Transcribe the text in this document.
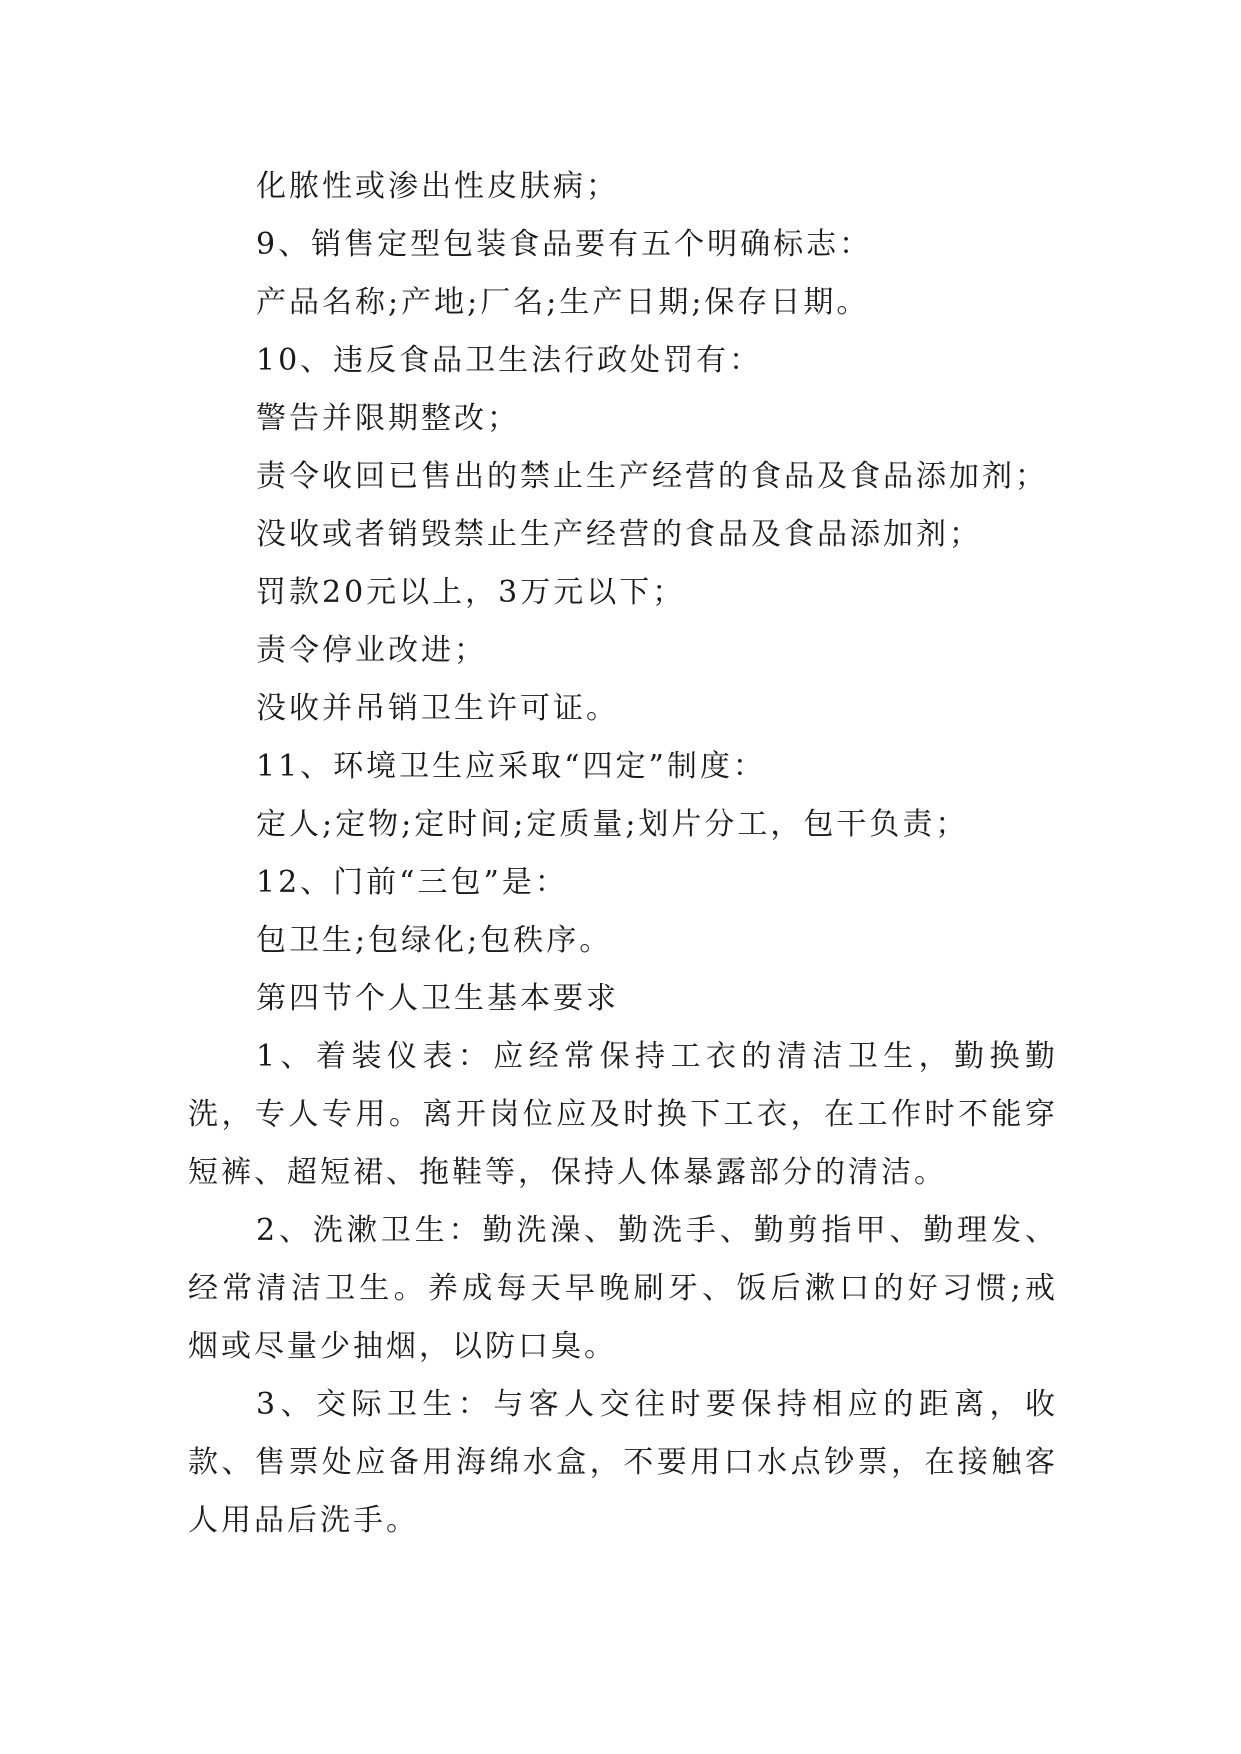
化脓性或渗出性皮肤病；
9、销售定型包装食品要有五个明确标志：
产品名称;产地;厂名;生产日期;保存日期。
10、违反食品卫生法行政处罚有：
警告并限期整改；
责令收回已售出的禁止生产经营的食品及食品添加剂；
没收或者销毁禁止生产经营的食品及食品添加剂；
罚款20元以上，3万元以下；
责令停业改进；
没收并吊销卫生许可证。
11、环境卫生应采取“四定”制度：
定人;定物;定时间;定质量;划片分工，包干负责；
12、门前“三包”是：
包卫生;包绿化;包秩序。
第四节个人卫生基本要求

1、着装仪表：应经常保持工衣的清洁卫生，勤换勤洗，专人专用。离开岗位应及时换下工衣，在工作时不能穿短裤、超短裙、拖鞋等，保持人体暴露部分的清洁。

2、洗漱卫生：勤洗澡、勤洗手、勤剪指甲、勤理发、经常清洁卫生。养成每天早晚刷牙、饭后漱口的好习惯;戒烟或尽量少抽烟，以防口臭。

3、交际卫生：与客人交往时要保持相应的距离，收款、售票处应备用海绵水盒，不要用口水点钞票，在接触客人用品后洗手。
